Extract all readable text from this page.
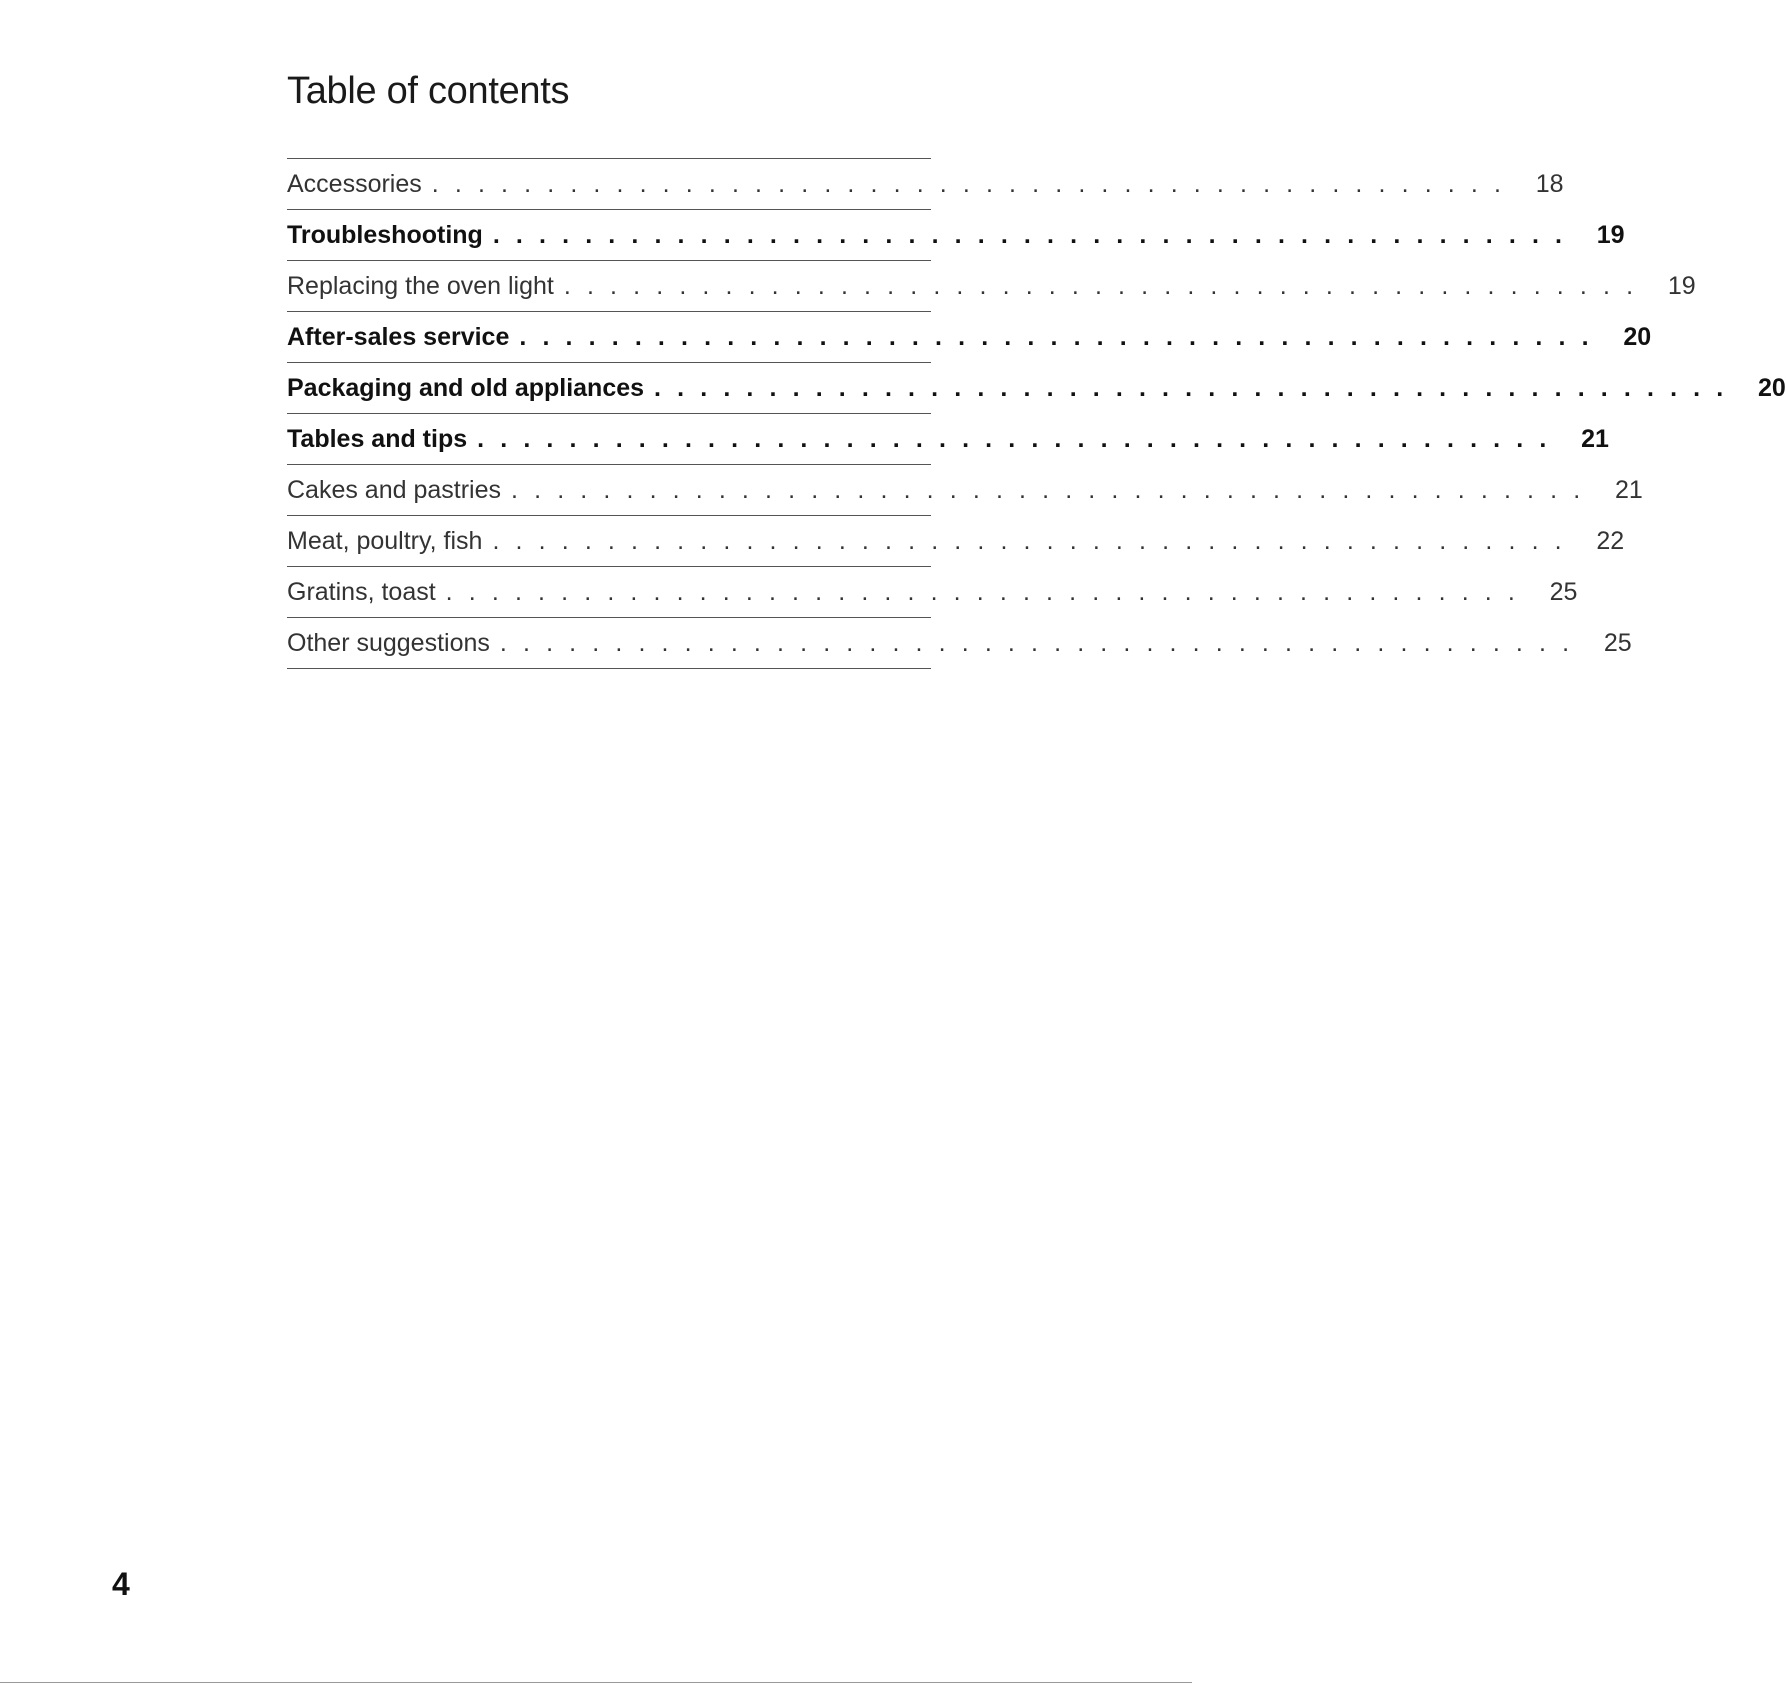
Table of contents
Accessories . . . . . . . . . . . . . . . . . . . . . . . . . . . . . . . . . . . . . . . . . . . . . . .	18
Troubleshooting . . . . . . . . . . . . . . . . . . . . . . . . . . . . . . . . . . . . . . . . . . . . . . .	19
Replacing the oven light . . . . . . . . . . . . . . . . . . . . . . . . . . . . . . . . . . . . . . . . . . . . . . .	19
After-sales service . . . . . . . . . . . . . . . . . . . . . . . . . . . . . . . . . . . . . . . . . . . . . . .	20
Packaging and old appliances . . . . . . . . . . . . . . . . . . . . . . . . . . . . . . . . . . . . . . . . . . . . . . .	20
Tables and tips . . . . . . . . . . . . . . . . . . . . . . . . . . . . . . . . . . . . . . . . . . . . . . .	21
Cakes and pastries . . . . . . . . . . . . . . . . . . . . . . . . . . . . . . . . . . . . . . . . . . . . . . .	21
Meat, poultry, fish . . . . . . . . . . . . . . . . . . . . . . . . . . . . . . . . . . . . . . . . . . . . . . .	22
Gratins, toast . . . . . . . . . . . . . . . . . . . . . . . . . . . . . . . . . . . . . . . . . . . . . . .	25
Other suggestions . . . . . . . . . . . . . . . . . . . . . . . . . . . . . . . . . . . . . . . . . . . . . . .	25
4
